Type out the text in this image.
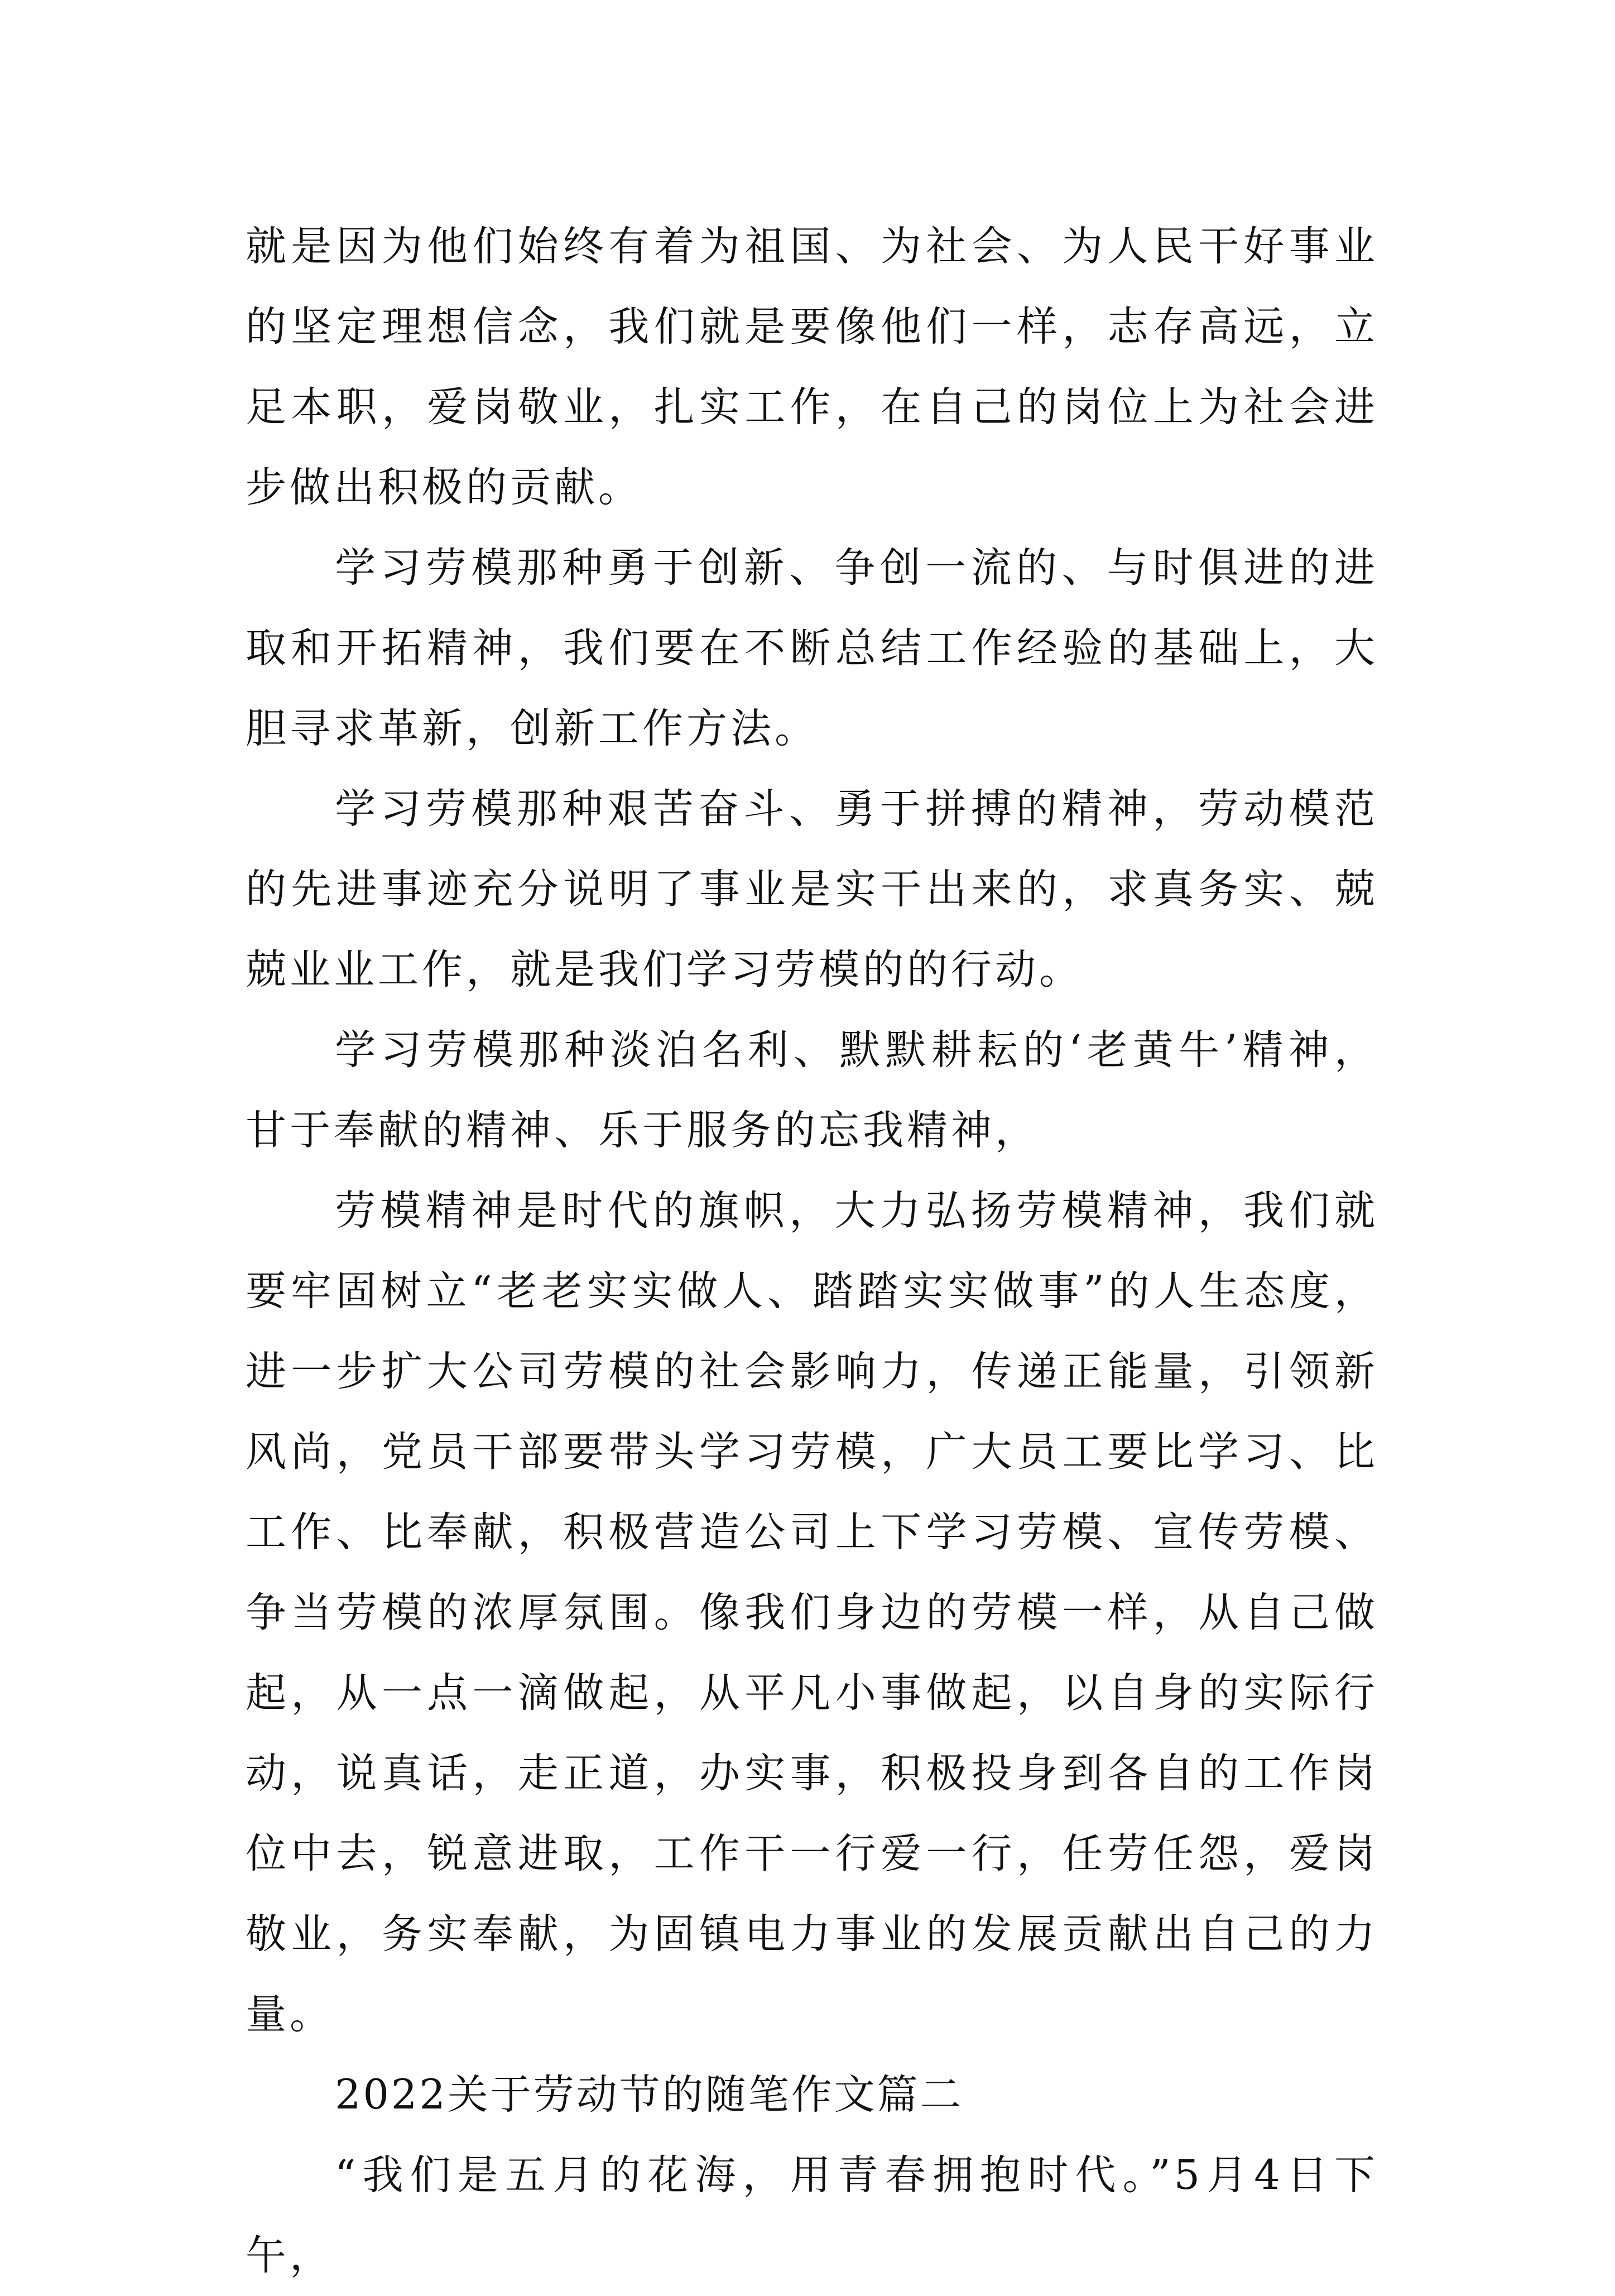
就是因为他们始终有着为祖国、为社会、为人民干好事业的坚定理想信念，我们就是要像他们一样，志存高远，立足本职，爱岗敬业，扎实工作，在自己的岗位上为社会进步做出积极的贡献。

学习劳模那种勇于创新、争创一流的、与时俱进的进取和开拓精神，我们要在不断总结工作经验的基础上，大胆寻求革新，创新工作方法。

学习劳模那种艰苦奋斗、勇于拼搏的精神，劳动模范的先进事迹充分说明了事业是实干出来的，求真务实、兢兢业业工作，就是我们学习劳模的的行动。

学习劳模那种淡泊名利、默默耕耘的‘老黄牛’精神，甘于奉献的精神、乐于服务的忘我精神，

劳模精神是时代的旗帜，大力弘扬劳模精神，我们就要牢固树立“老老实实做人、踏踏实实做事”的人生态度，进一步扩大公司劳模的社会影响力，传递正能量，引领新风尚，党员干部要带头学习劳模，广大员工要比学习、比工作、比奉献，积极营造公司上下学习劳模、宣传劳模、争当劳模的浓厚氛围。像我们身边的劳模一样，从自己做起，从一点一滴做起，从平凡小事做起，以自身的实际行动，说真话，走正道，办实事，积极投身到各自的工作岗位中去，锐意进取，工作干一行爱一行，任劳任怨，爱岗敬业，务实奉献，为固镇电力事业的发展贡献出自己的力量。

2022关于劳动节的随笔作文篇二

“我们是五月的花海，用青春拥抱时代。”5月4日下午，
